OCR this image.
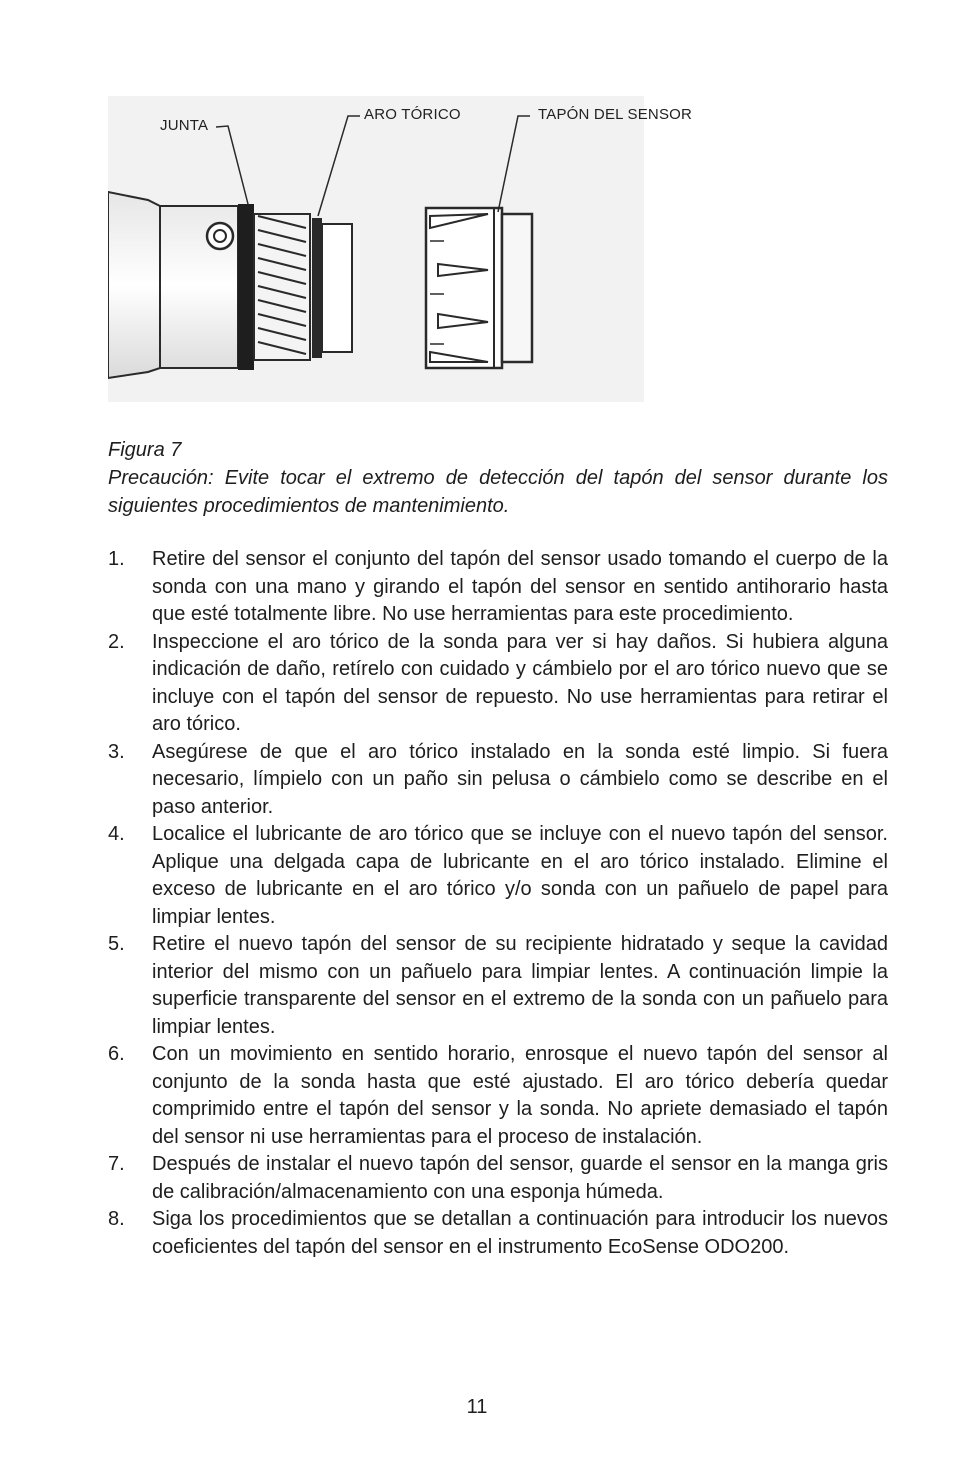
JUNTA
ARO TÓRICO	TAPÓN DEL SENSOR
Figura 7
Precaución: Evite tocar el extremo de detección del tapón del sensor durante los siguientes procedimientos de mantenimiento.
1. Retire del sensor el conjunto del tapón del sensor usado tomando el cuerpo de la sonda con una mano y girando el tapón del sensor en sentido antihorario hasta que esté totalmente libre. No use herramientas para este procedimiento.
2. Inspeccione el aro tórico de la sonda para ver si hay daños. Si hubiera alguna indicación de daño, retírelo con cuidado y cámbielo por el aro tórico nuevo que se incluye con el tapón del sensor de repuesto. No use herramientas para retirar el aro tórico.
3. Asegúrese de que el aro tórico instalado en la sonda esté limpio. Si fuera necesario, límpielo con un paño sin pelusa o cámbielo como se describe en el paso anterior.
4. Localice el lubricante de aro tórico que se incluye con el nuevo tapón del sensor. Aplique una delgada capa de lubricante en el aro tórico instalado. Elimine el exceso de lubricante en el aro tórico y/o sonda con un pañuelo de papel para limpiar lentes.
5. Retire el nuevo tapón del sensor de su recipiente hidratado y seque la cavidad interior del mismo con un pañuelo para limpiar lentes. A continuación limpie la superficie transparente del sensor en el extremo de la sonda con un pañuelo para limpiar lentes.
6. Con un movimiento en sentido horario, enrosque el nuevo tapón del sensor al conjunto de la sonda hasta que esté ajustado. El aro tórico debería quedar comprimido entre el tapón del sensor y la sonda. No apriete demasiado el tapón del sensor ni use herramientas para el proceso de instalación.
7. Después de instalar el nuevo tapón del sensor, guarde el sensor en la manga gris de calibración/almacenamiento con una esponja húmeda.
8. Siga los procedimientos que se detallan a continuación para introducir los nuevos coeficientes del tapón del sensor en el instrumento EcoSense ODO200.
11
